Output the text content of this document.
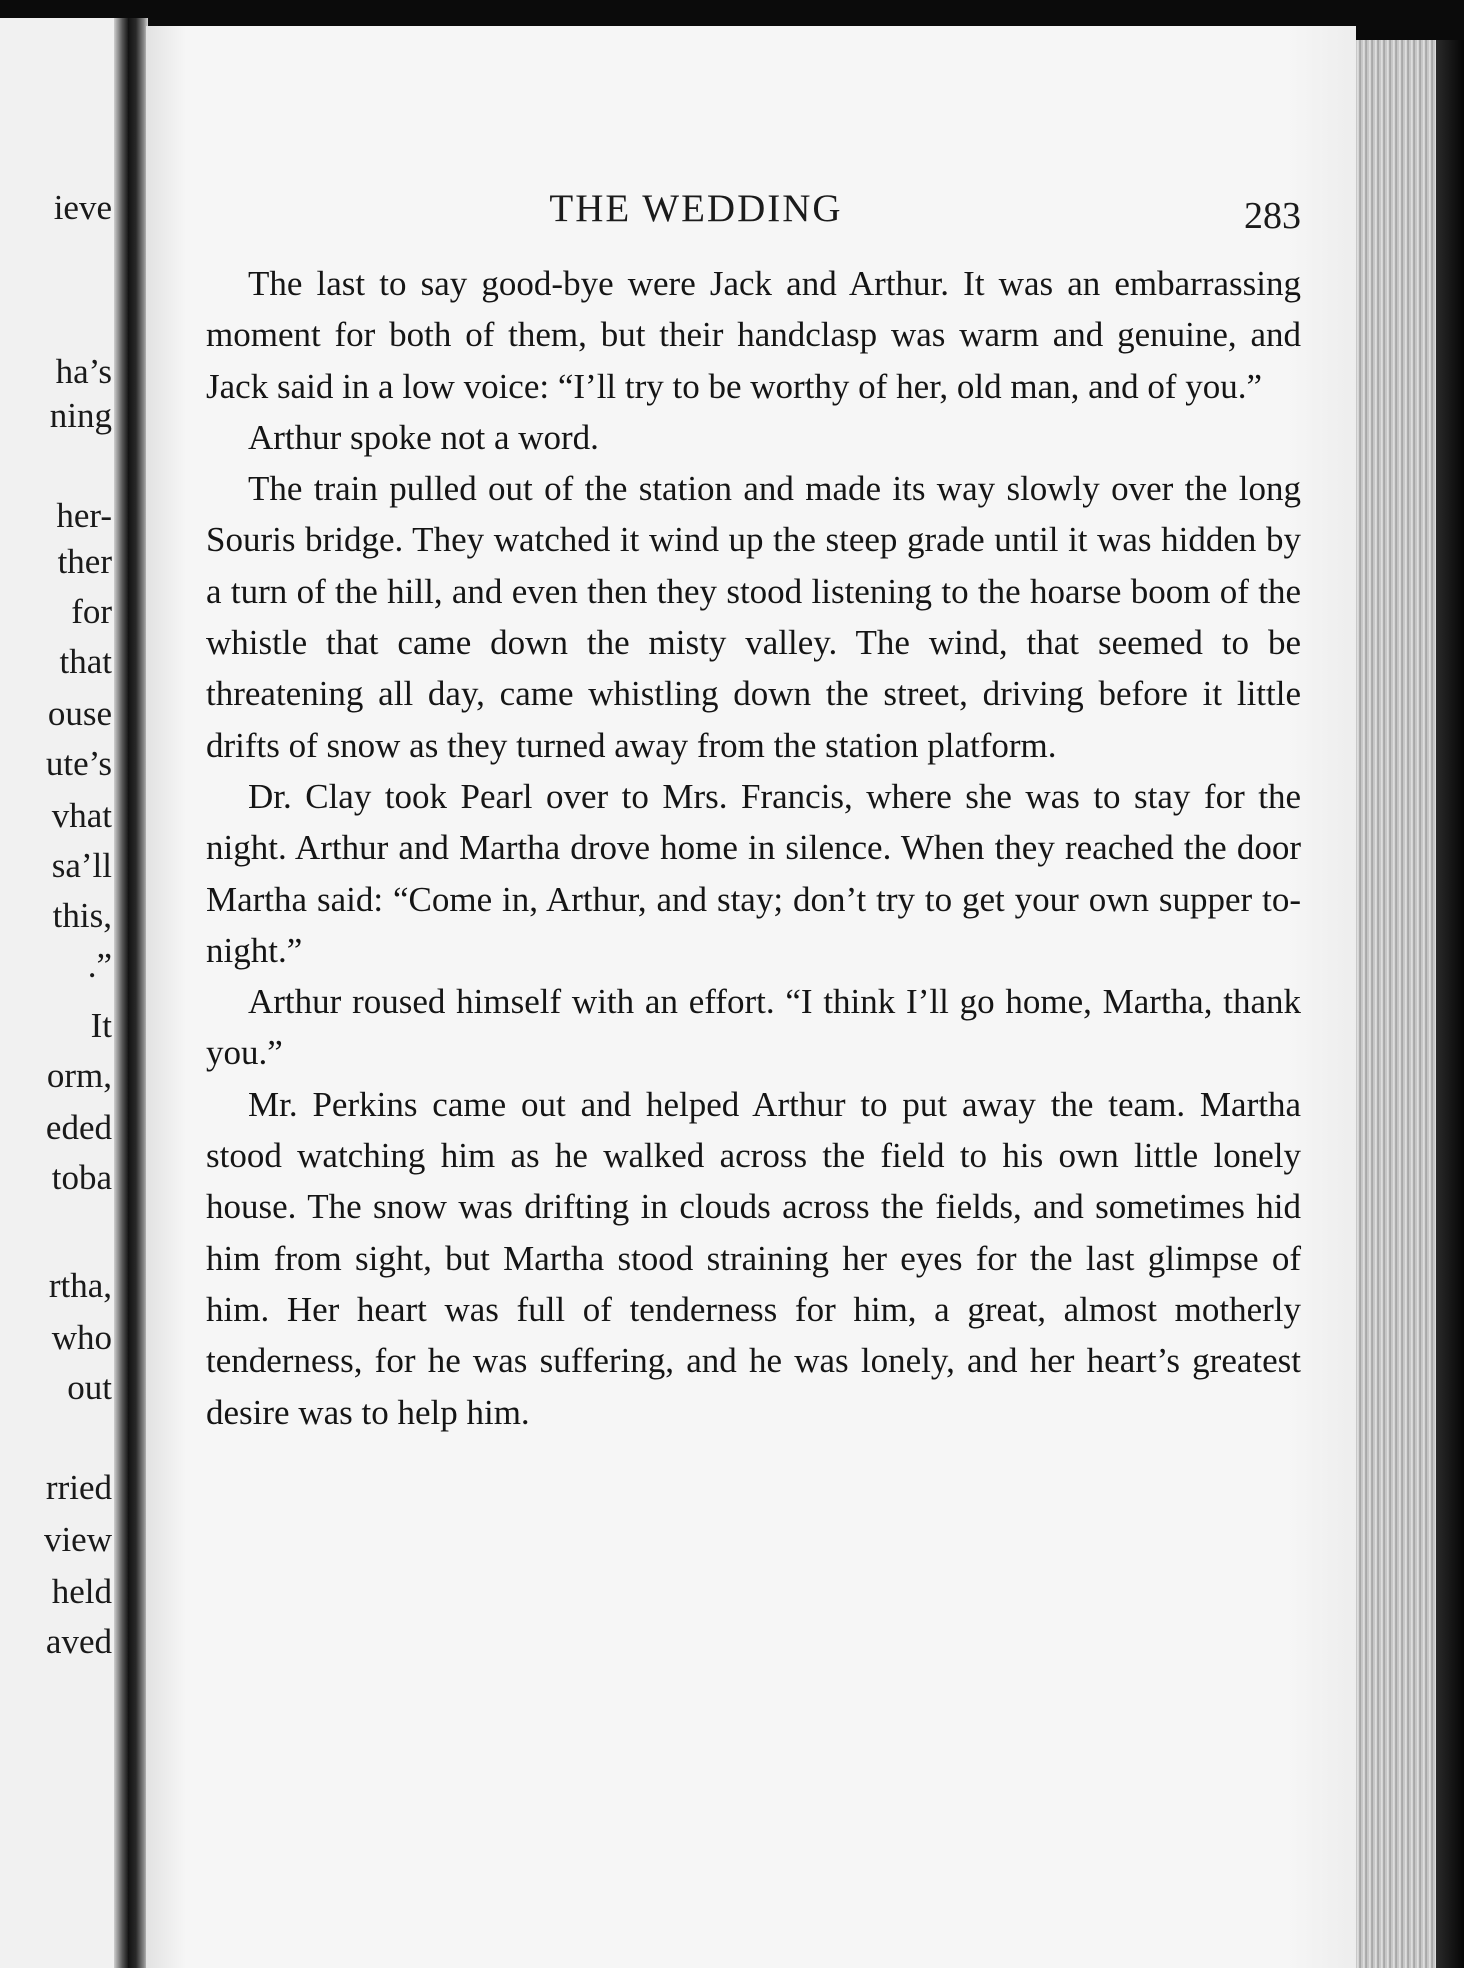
ieve
ha’s
ning
her-
ther
for
that
ouse
ute’s
vhat
sa’ll
this,
.”
It
orm,
eded
toba
rtha,
who
out
rried
view
held
aved
THE WEDDING	283

The last to say good-bye were Jack and Arthur. It was an embarrassing moment for both of them, but their handclasp was warm and genuine, and Jack said in a low voice: “I’ll try to be worthy of her, old man, and of you.”

Arthur spoke not a word.

The train pulled out of the station and made its way slowly over the long Souris bridge. They watched it wind up the steep grade until it was hidden by a turn of the hill, and even then they stood listening to the hoarse boom of the whistle that came down the misty valley. The wind, that seemed to be threatening all day, came whistling down the street, driving before it little drifts of snow as they turned away from the station platform.

Dr. Clay took Pearl over to Mrs. Francis, where she was to stay for the night. Arthur and Martha drove home in silence. When they reached the door Martha said: “Come in, Arthur, and stay; don’t try to get your own supper to-night.”

Arthur roused himself with an effort. “I think I’ll go home, Martha, thank you.”

Mr. Perkins came out and helped Arthur to put away the team. Martha stood watching him as he walked across the field to his own little lonely house. The snow was drifting in clouds across the fields, and sometimes hid him from sight, but Martha stood straining her eyes for the last glimpse of him. Her heart was full of tenderness for him, a great, almost motherly tenderness, for he was suffering, and he was lonely, and her heart’s greatest desire was to help him.
